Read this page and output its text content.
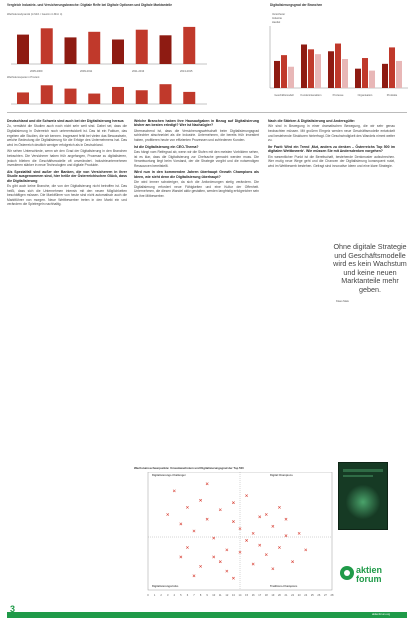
Vergleich Industrie- und Versicherungsbranche: Digitale Reife bei Digitale Optionen und Digitale Marktanteile
Wachstumsdynamik (in Mrd. / Gewinn in Mrd. ¤)
2005-2009	2009-2011	2011-2013	2013-2015
Wachstumsquote in Prozent
Digitalisierungsgrad der Branchen
Versicherer
Industrie
Handel
Geschäftsmodell	Kundeninteraktion	Prozesse	Organisation	Produkte
Deutschland und die Schweiz sind auch bei der Digitalisierung heraus

Zu, verstärkt die Studien auch noch nicht sehr weit sind. Dabei sei, dass die Digitalisierung in Österreich noch unterentwickelt ist. Das ist ein Faktum, das ergeben alle Studien, die wir kennen. Insgesamt fehlt bei vielen das Bewusstsein, welche Bedeutung die Digitalisierung für die Erfolge des Unternehmens hat. Das wird im Österreich deutlich weniger erfolgreich als in Deutschland.

Wir sehen Unterschiede, wenn wir den Grad der Digitalisierung in den Branchen betrachten. Die Versicherer haben früh angefangen, Prozesse zu digitalisieren, jedoch blieben die Geschäftsmodelle oft unverändert. Industrieunternehmen investieren stärker in neue Technologien und digitale Produkte.

Als Spezialfall sind außer der Banken, die von Versicherern in ihrer Studie ausgenommen sind, hier heiße der Österreichischen Glück, dass die Digitalisierung

Es gibt auch keine Branche, die von der Digitalisierung nicht betroffen ist. Das heißt, dass sich die Unternehmen intensiv mit den neuen Möglichkeiten beschäftigen müssen. Die Marktführer von heute sind nicht automatisch auch die Marktführer von morgen. Neue Wettbewerber treten in den Markt ein und verändern die Spielregeln nachhaltig.

Welche Branchen haben ihre Hausaufgaben in Bezug auf Digitalisierung bisher am besten erledigt? Wer ist Nachzügler?

Überraschend ist, dass die Versicherungswirtschaft beim Digitalisierungsgrad schlechter abschneidet als die Industrie. Unternehmen, die bereits früh investiert haben, profitieren heute von effizienten Prozessen und zufriedenen Kunden.

Ist die Digitalisierung ein CEO-Thema?

Das hängt vom Reifegrad ab, wenn wir die Stufen mit den meisten Vorbildern sehen, ist es klar, dass die Digitalisierung zur Chefsache gemacht werden muss. Die Verantwortung liegt beim Vorstand, der die Strategie vorgibt und die notwendigen Ressourcen bereitstellt.

Wird nun in den kommenden Jahren überhaupt Growth Champions als Ideen, wie sieht denn die Digitalisierung überhaupt?

Die wird immer schwieriger, da sich die Anforderungen stetig verändern. Die Digitalisierung erfordert neue Fähigkeiten und eine Kultur der Offenheit. Unternehmen, die diesen Wandel aktiv gestalten, werden langfristig erfolgreicher sein als ihre Mitbewerber.

Nach die Stärken & Digitalisierung und Andersgülte:

Wir sind in Bewegung in einer dramatischen Bewegung, die wir sehr genau beobachten müssen. Mit großem Ehrgeiz werden neue Geschäftsmodelle entwickelt und bestehende Strukturen hinterfragt. Die Geschwindigkeit des Wandels nimmt weiter zu.

Ihr Fazit: Wird ein Trend ‚Mut, anders zu denken – Österreichs Top 500 im digitalen Wettbewerb‘. Wie müssen Sie mit Andersdenken vorgehen?

Ein wesentlicher Punkt ist die Bereitschaft, bestehende Denkmuster aufzubrechen. Wer mutig neue Wege geht und die Chancen der Digitalisierung konsequent nutzt, wird im Wettbewerb bestehen. Gefragt sind innovative Ideen und eine klare Strategie.

Ohne digitale Strategie und Geschäftsmodelle wird es kein Wachstum und keine neuen Marktanteile mehr geben.
Klaus Mats
Wachstumsschwerpunkte: Umsatzwachstum und Digitalisierungsgrad der Top 500
0 1 2 3 4 5 6 7 8 9 10 11 12 13 14 15 16 17 18 19 20 21 22 23 24 25 26 27 28
Digitalisierungs-Challenger	Digital Champions
Digitalisierungsrisiko	Traditions-Champions
aktien
forum
3
aktienforum.org
